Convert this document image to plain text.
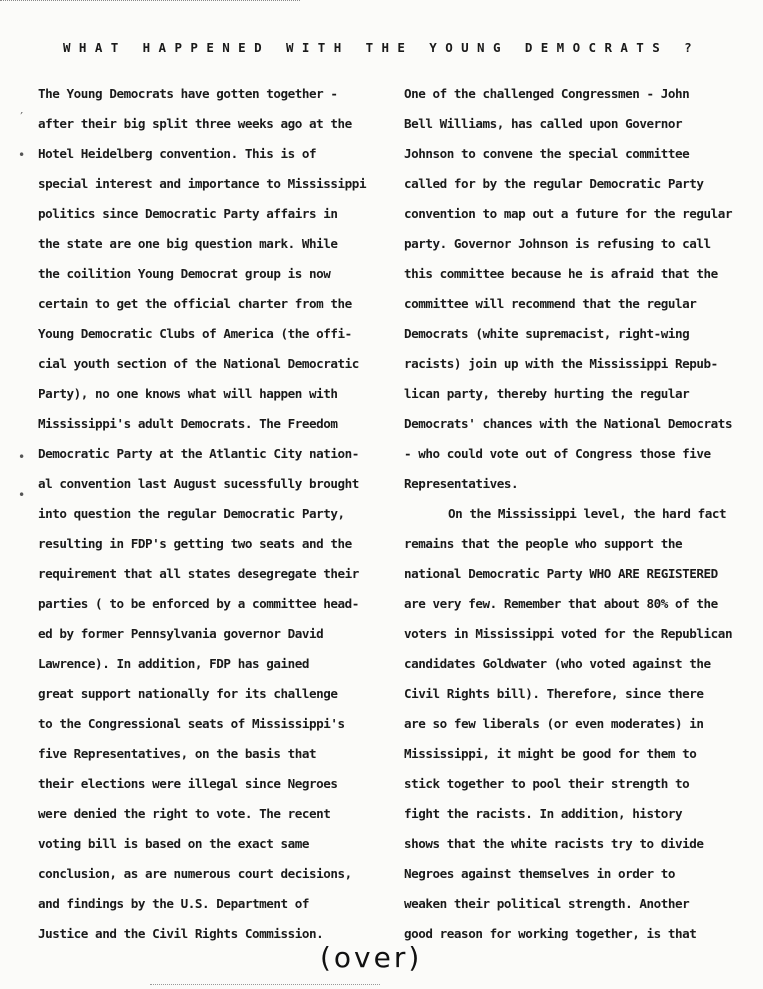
WHAT HAPPENED WITH THE YOUNG DEMOCRATS ?
The Young Democrats have gotten together -
after their big split three weeks ago at the
Hotel Heidelberg convention. This is of
special interest and importance to Mississippi
politics since Democratic Party affairs in
the state are one big question mark. While
the coilition Young Democrat group is now
certain to get the official charter from the
Young Democratic Clubs of America (the offi-
cial youth section of the National Democratic
Party), no one knows what will happen with
Mississippi's adult Democrats. The Freedom
Democratic Party at the Atlantic City nation-
al convention last August sucessfully brought
into question the regular Democratic Party,
resulting in FDP's getting two seats and the
requirement that all states desegregate their
parties ( to be enforced by a committee head-
ed by former Pennsylvania governor David
Lawrence). In addition, FDP has gained
great support nationally for its challenge
to the Congressional seats of Mississippi's
five Representatives, on the basis that
their elections were illegal since Negroes
were denied the right to vote. The recent
voting bill is based on the exact same
conclusion, as are numerous court decisions,
and findings by the U.S. Department of
Justice and the Civil Rights Commission.
One of the challenged Congressmen - John
Bell Williams, has called upon Governor
Johnson to convene the special committee
called for by the regular Democratic Party
convention to map out a future for the regular
party. Governor Johnson is refusing to call
this committee because he is afraid that the
committee will recommend that the regular
Democrats (white supremacist, right-wing
racists) join up with the Mississippi Repub-
lican party, thereby hurting the regular
Democrats' chances with the National Democrats
- who could vote out of Congress those five
Representatives.
On the Mississippi level, the hard fact
remains that the people who support the
national Democratic Party WHO ARE REGISTERED
are very few. Remember that about 80% of the
voters in Mississippi voted for the Republican
candidates Goldwater (who voted against the
Civil Rights bill). Therefore, since there
are so few liberals (or even moderates) in
Mississippi, it might be good for them to
stick together to pool their strength to
fight the racists. In addition, history
shows that the white racists try to divide
Negroes against themselves in order to
weaken their political strength. Another
good reason for working together, is that
′
•
•
•
(over)
